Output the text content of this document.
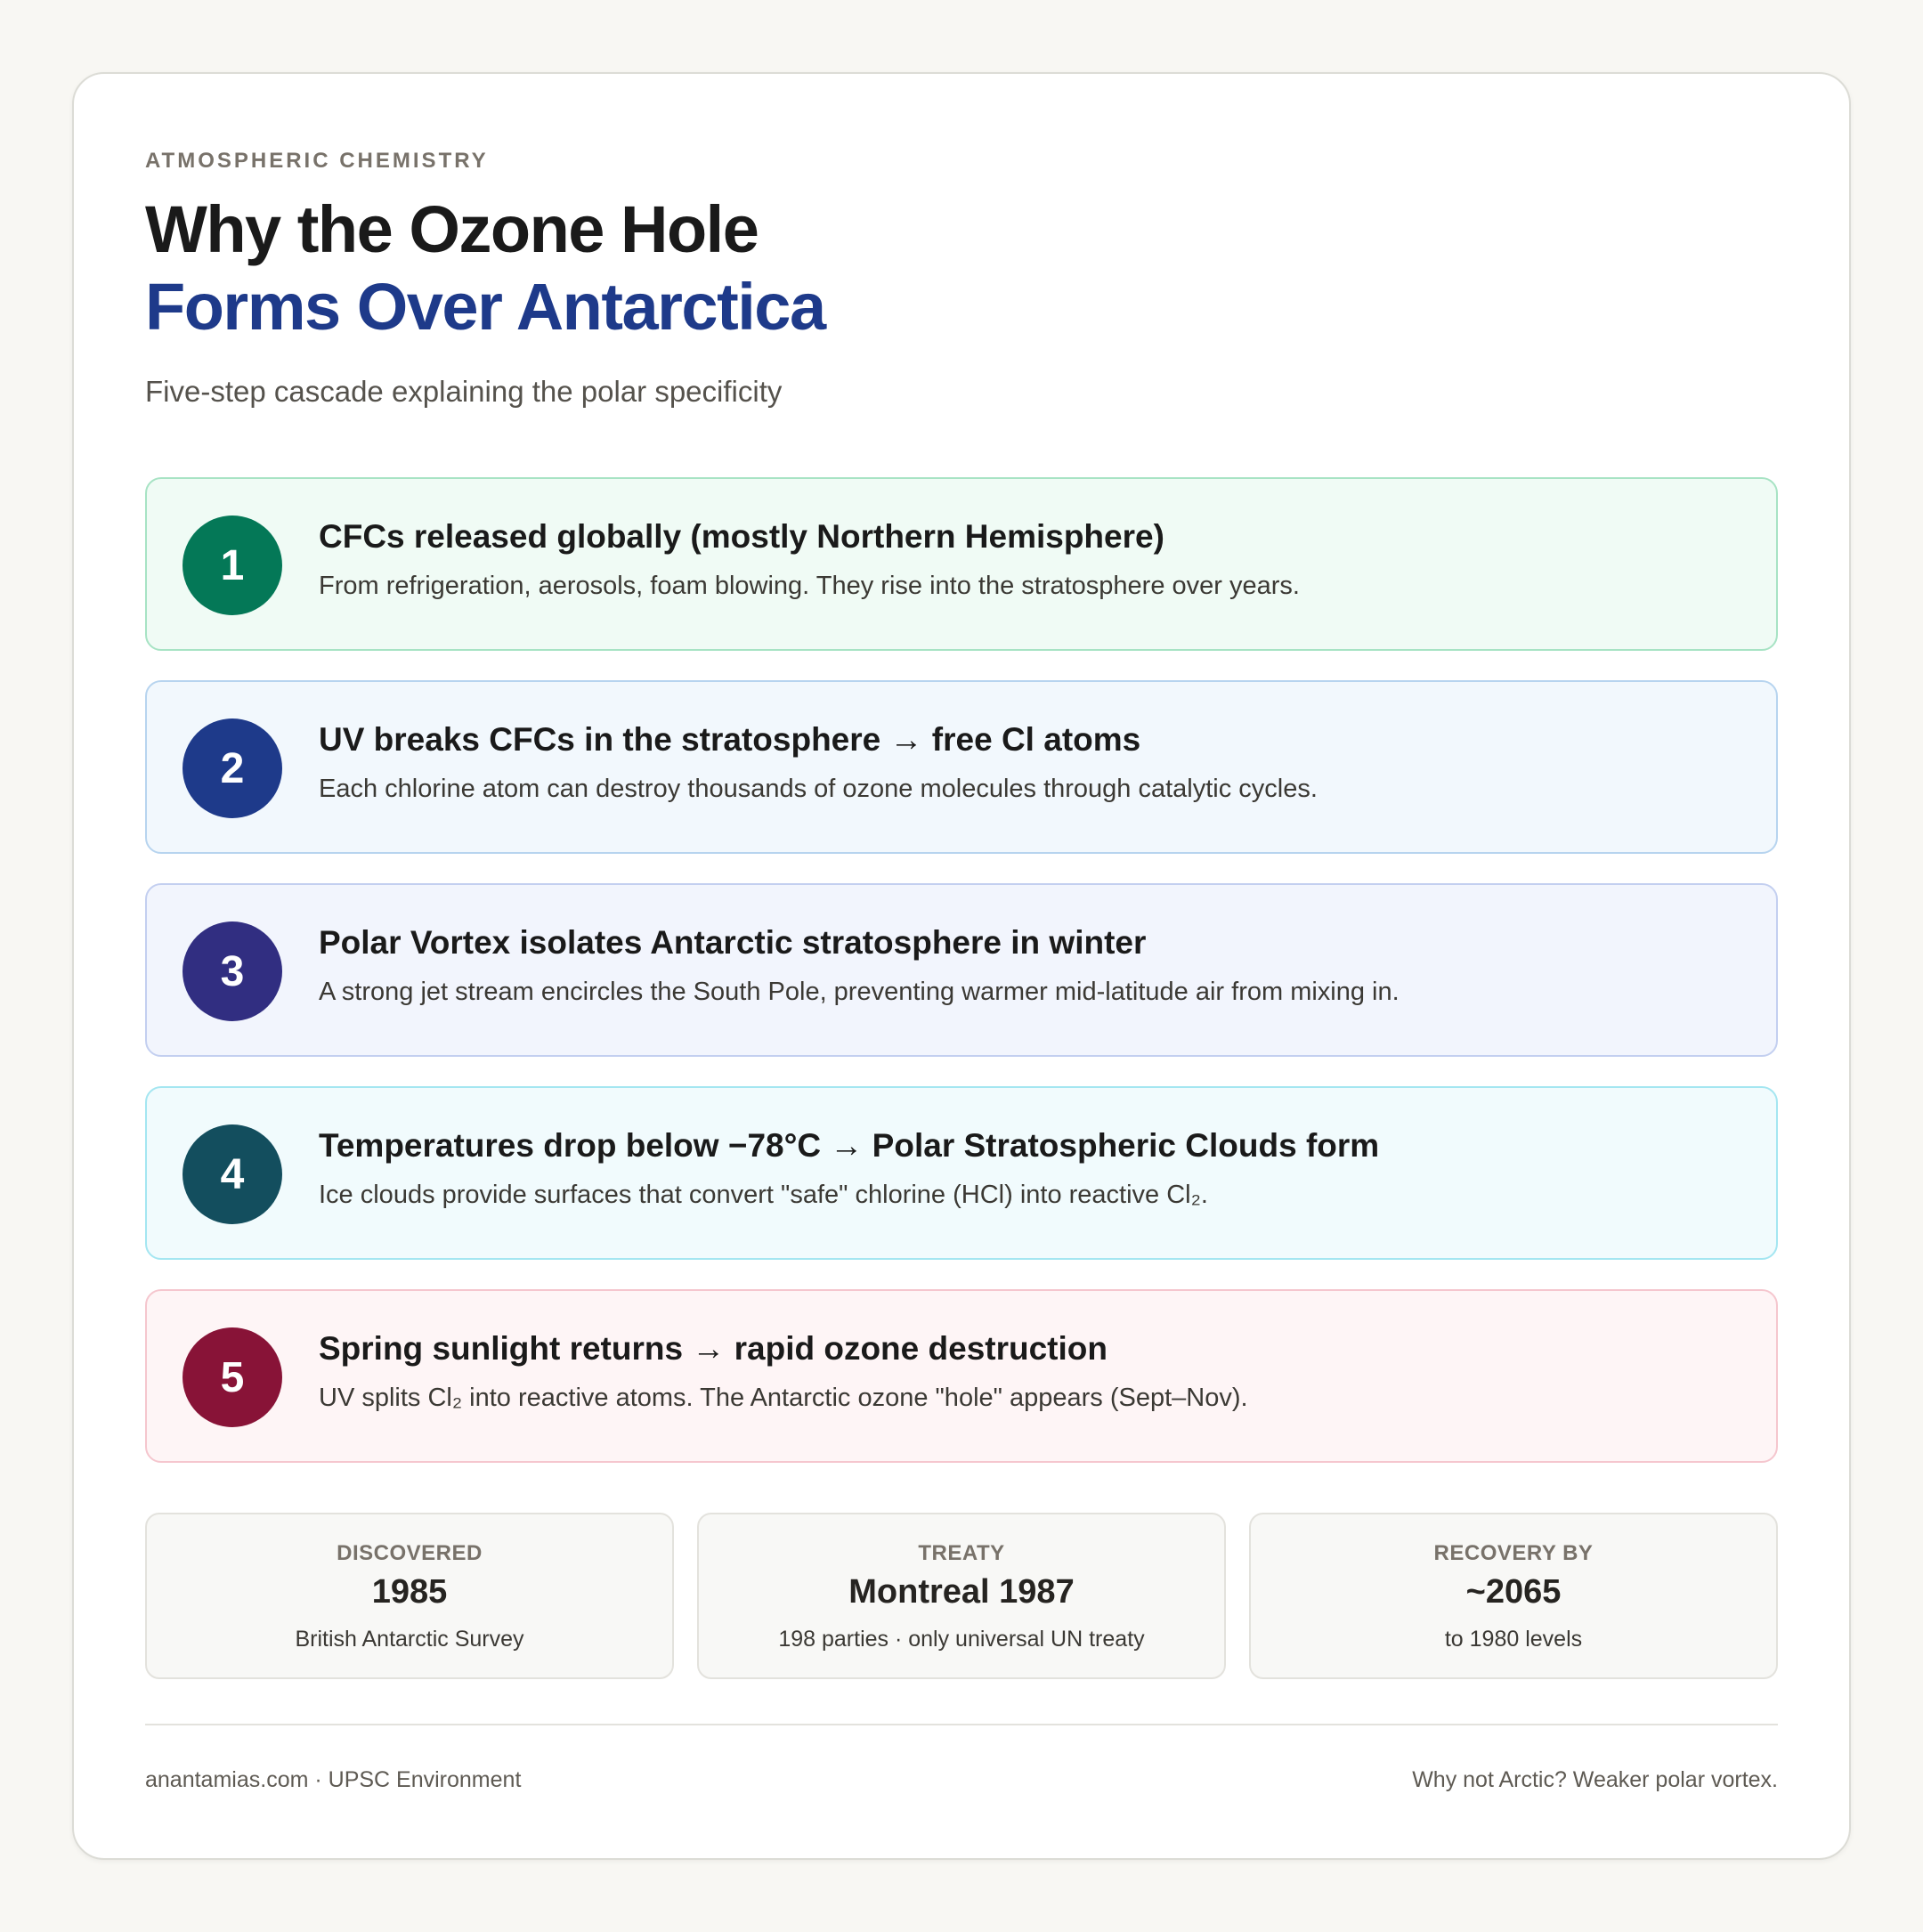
ATMOSPHERIC CHEMISTRY
Why the Ozone Hole
Forms Over Antarctica
Five-step cascade explaining the polar specificity
1
CFCs released globally (mostly Northern Hemisphere)
From refrigeration, aerosols, foam blowing. They rise into the stratosphere over years.
2
UV breaks CFCs in the stratosphere → free Cl atoms
Each chlorine atom can destroy thousands of ozone molecules through catalytic cycles.
3
Polar Vortex isolates Antarctic stratosphere in winter
A strong jet stream encircles the South Pole, preventing warmer mid-latitude air from mixing in.
4
Temperatures drop below −78°C → Polar Stratospheric Clouds form
Ice clouds provide surfaces that convert "safe" chlorine (HCl) into reactive Cl₂.
5
Spring sunlight returns → rapid ozone destruction
UV splits Cl₂ into reactive atoms. The Antarctic ozone "hole" appears (Sept–Nov).
DISCOVERED
1985
British Antarctic Survey
TREATY
Montreal 1987
198 parties · only universal UN treaty
RECOVERY BY
~2065
to 1980 levels
anantamias.com · UPSC Environment	Why not Arctic? Weaker polar vortex.
